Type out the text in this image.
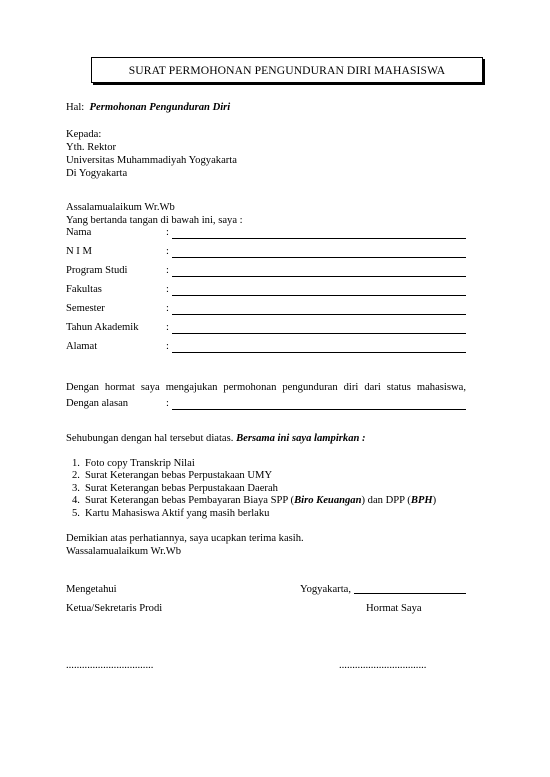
SURAT PERMOHONAN PENGUNDURAN DIRI MAHASISWA
Hal: Permohonan Pengunduran Diri
Kepada:
Yth. Rektor
Universitas Muhammadiyah Yogyakarta
Di Yogyakarta
Assalamualaikum Wr.Wb
Yang bertanda tangan di bawah ini, saya :
Nama	:
N I M	:
Program Studi	:
Fakultas	:
Semester	:
Tahun Akademik	:
Alamat	:
Dengan hormat saya mengajukan permohonan pengunduran diri dari status mahasiswa,
Dengan alasan	:
Sehubungan dengan hal tersebut diatas. Bersama ini saya lampirkan :
1. Foto copy Transkrip Nilai
2. Surat Keterangan bebas Perpustakaan UMY
3. Surat Keterangan bebas Perpustakaan Daerah
4. Surat Keterangan bebas Pembayaran Biaya SPP (Biro Keuangan) dan DPP (BPH)
5. Kartu Mahasiswa Aktif yang masih berlaku
Demikian atas perhatiannya, saya ucapkan terima kasih.
Wassalamualaikum Wr.Wb
Mengetahui	Yogyakarta,
Ketua/Sekretaris Prodi	Hormat Saya
.................................	.................................
